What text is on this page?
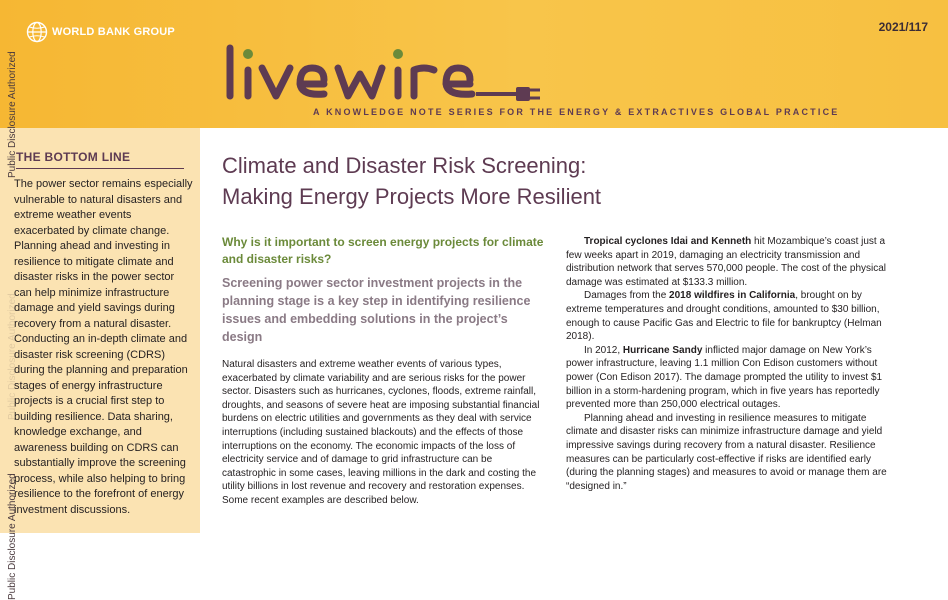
WORLD BANK GROUP	2021/117
A KNOWLEDGE NOTE SERIES FOR THE ENERGY & EXTRACTIVES GLOBAL PRACTICE
THE BOTTOM LINE
The power sector remains especially vulnerable to natural disasters and extreme weather events exacerbated by climate change. Planning ahead and investing in resilience to mitigate climate and disaster risks in the power sector can help minimize infrastructure damage and yield savings during recovery from a natural disaster. Conducting an in-depth climate and disaster risk screening (CDRS) during the planning and preparation stages of energy infrastructure projects is a crucial first step to building resilience. Data sharing, knowledge exchange, and awareness building on CDRS can substantially improve the screening process, while also helping to bring resilience to the forefront of energy investment discussions.
Public Disclosure Authorized
Public Disclosure Authorized
Public Disclosure Authorized
Climate and Disaster Risk Screening:
Making Energy Projects More Resilient
Why is it important to screen energy projects for climate and disaster risks?
Screening power sector investment projects in the planning stage is a key step in identifying resilience issues and embedding solutions in the project’s design
Natural disasters and extreme weather events of various types, exacerbated by climate variability and are serious risks for the power sector. Disasters such as hurricanes, cyclones, floods, extreme rainfall, droughts, and seasons of severe heat are imposing substantial financial burdens on electric utilities and governments as they deal with service interruptions (including sustained blackouts) and the effects of those interruptions on the economy. The economic impacts of the loss of electricity service and of damage to grid infrastructure can be catastrophic in some cases, leaving millions in the dark and costing the utility billions in lost revenue and recovery and restoration expenses. Some recent examples are described below.

Tropical cyclones Idai and Kenneth hit Mozambique’s coast just a few weeks apart in 2019, damaging an electricity transmission and distribution network that serves 570,000 people. The cost of the physical damage was estimated at $133.3 million.

Damages from the 2018 wildfires in California, brought on by extreme temperatures and drought conditions, amounted to $30 billion, enough to cause Pacific Gas and Electric to file for bankruptcy (Helman 2018).

In 2012, Hurricane Sandy inflicted major damage on New York’s power infrastructure, leaving 1.1 million Con Edison customers without power (Con Edison 2017). The damage prompted the utility to invest $1 billion in a storm-hardening program, which in five years has reportedly prevented more than 250,000 electrical outages.

Planning ahead and investing in resilience measures to mitigate climate and disaster risks can minimize infrastructure damage and yield impressive savings during recovery from a natural disaster. Resilience measures can be particularly cost-effective if risks are identified early (during the planning stages) and measures to avoid or manage them are “designed in.”
